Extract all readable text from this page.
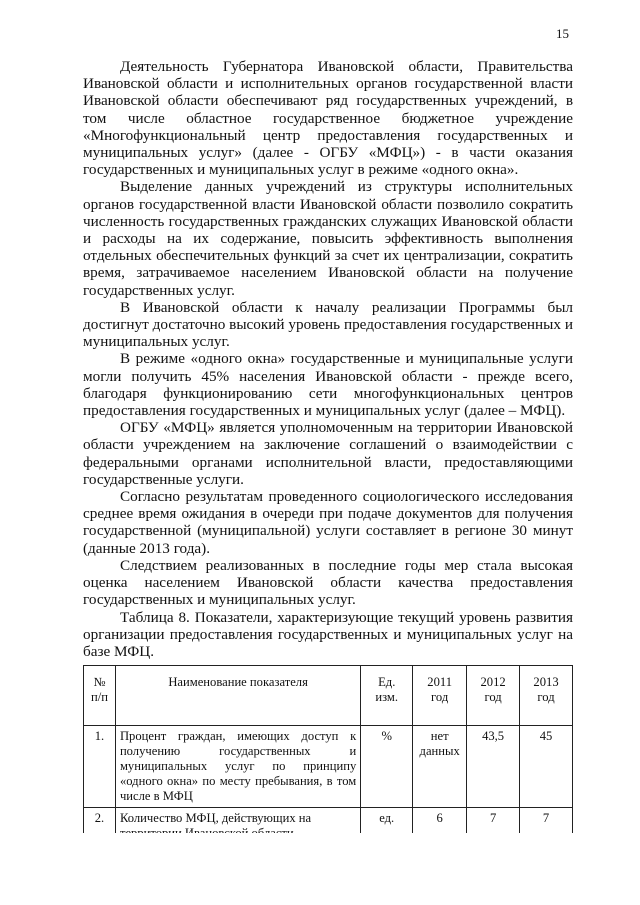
15

Деятельность Губернатора Ивановской области, Правительства Ивановской области и исполнительных органов государственной власти Ивановской области обеспечивают ряд государственных учреждений, в том числе областное государственное бюджетное учреждение «Многофункциональный центр предоставления государственных и муниципальных услуг» (далее - ОГБУ «МФЦ») - в части оказания государственных и муниципальных услуг в режиме «одного окна».

Выделение данных учреждений из структуры исполнительных органов государственной власти Ивановской области позволило сократить численность государственных гражданских служащих Ивановской области и расходы на их содержание, повысить эффективность выполнения отдельных обеспечительных функций за счет их централизации, сократить время, затрачиваемое населением Ивановской области на получение государственных услуг.

В Ивановской области к началу реализации Программы был достигнут достаточно высокий уровень предоставления государственных и муниципальных услуг.

В режиме «одного окна» государственные и муниципальные услуги могли получить 45% населения Ивановской области - прежде всего, благодаря функционированию сети многофункциональных центров предоставления государственных и муниципальных услуг (далее – МФЦ).

ОГБУ «МФЦ» является уполномоченным на территории Ивановской области учреждением на заключение соглашений о взаимодействии с федеральными органами исполнительной власти, предоставляющими государственные услуги.

Согласно результатам проведенного социологического исследования среднее время ожидания в очереди при подаче документов для получения государственной (муниципальной) услуги составляет в регионе 30 минут (данные 2013 года).

Следствием реализованных в последние годы мер стала высокая оценка населением Ивановской области качества предоставления государственных и муниципальных услуг.

Таблица 8. Показатели, характеризующие текущий уровень развития организации предоставления государственных и муниципальных услуг на базе МФЦ.

№ п/п	Наименование показателя	Ед. изм.	2011 год	2012 год	2013 год
1.	Процент граждан, имеющих доступ к получению государственных и муниципальных услуг по принципу «одного окна» по месту пребывания, в том числе в МФЦ	%	нет данных	43,5	45
2.	Количество МФЦ, действующих на	ед.	6	7	7
